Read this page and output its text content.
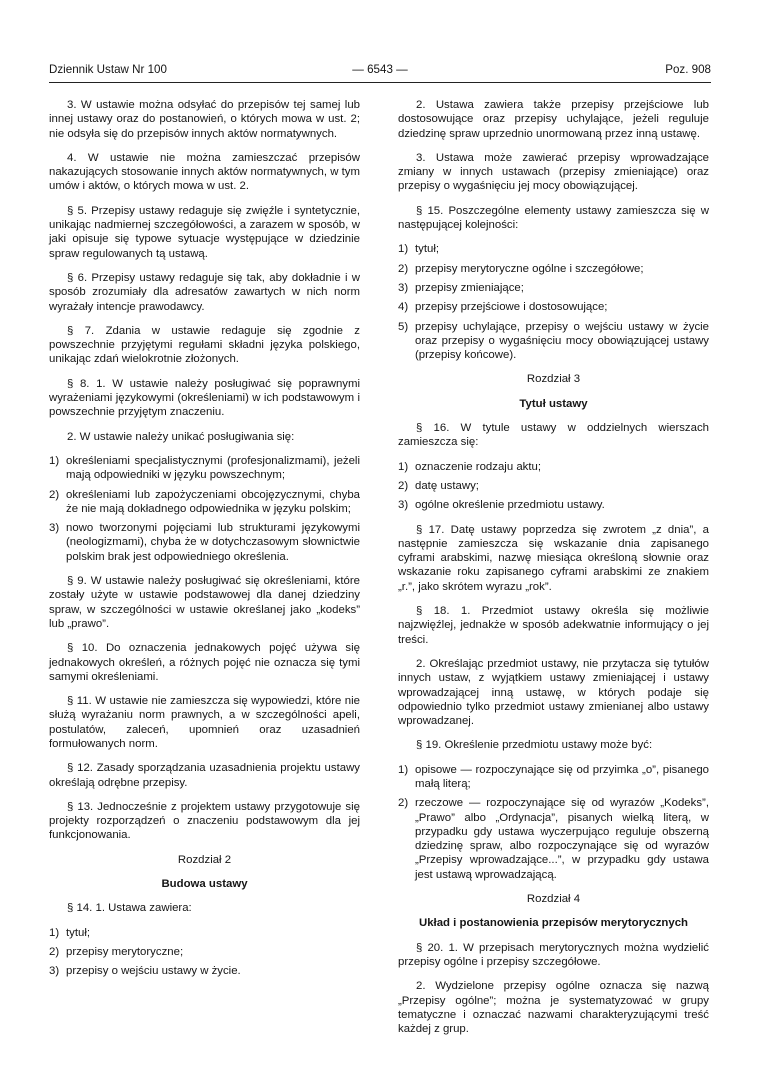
Dziennik Ustaw Nr 100	— 6543 —	Poz. 908

3. W ustawie można odsyłać do przepisów tej samej lub innej ustawy oraz do postanowień, o których mowa w ust. 2; nie odsyła się do przepisów innych aktów normatywnych.

4. W ustawie nie można zamieszczać przepisów nakazujących stosowanie innych aktów normatywnych, w tym umów i aktów, o których mowa w ust. 2.

§ 5. Przepisy ustawy redaguje się zwięźle i syntetycznie, unikając nadmiernej szczegółowości, a zarazem w sposób, w jaki opisuje się typowe sytuacje występujące w dziedzinie spraw regulowanych tą ustawą.

§ 6. Przepisy ustawy redaguje się tak, aby dokładnie i w sposób zrozumiały dla adresatów zawartych w nich norm wyrażały intencje prawodawcy.

§ 7. Zdania w ustawie redaguje się zgodnie z powszechnie przyjętymi regułami składni języka polskiego, unikając zdań wielokrotnie złożonych.

§ 8. 1. W ustawie należy posługiwać się poprawnymi wyrażeniami językowymi (określeniami) w ich podstawowym i powszechnie przyjętym znaczeniu.

2. W ustawie należy unikać posługiwania się:

1) określeniami specjalistycznymi (profesjonalizmami), jeżeli mają odpowiedniki w języku powszechnym;
2) określeniami lub zapożyczeniami obcojęzycznymi, chyba że nie mają dokładnego odpowiednika w języku polskim;
3) nowo tworzonymi pojęciami lub strukturami językowymi (neologizmami), chyba że w dotychczasowym słownictwie polskim brak jest odpowiedniego określenia.

§ 9. W ustawie należy posługiwać się określeniami, które zostały użyte w ustawie podstawowej dla danej dziedziny spraw, w szczególności w ustawie określanej jako „kodeks” lub „prawo”.

§ 10. Do oznaczenia jednakowych pojęć używa się jednakowych określeń, a różnych pojęć nie oznacza się tymi samymi określeniami.

§ 11. W ustawie nie zamieszcza się wypowiedzi, które nie służą wyrażaniu norm prawnych, a w szczególności apeli, postulatów, zaleceń, upomnień oraz uzasadnień formułowanych norm.

§ 12. Zasady sporządzania uzasadnienia projektu ustawy określają odrębne przepisy.

§ 13. Jednocześnie z projektem ustawy przygotowuje się projekty rozporządzeń o znaczeniu podstawowym dla jej funkcjonowania.

Rozdział 2
Budowa ustawy

§ 14. 1. Ustawa zawiera:

1) tytuł;
2) przepisy merytoryczne;
3) przepisy o wejściu ustawy w życie.

2. Ustawa zawiera także przepisy przejściowe lub dostosowujące oraz przepisy uchylające, jeżeli reguluje dziedzinę spraw uprzednio unormowaną przez inną ustawę.

3. Ustawa może zawierać przepisy wprowadzające zmiany w innych ustawach (przepisy zmieniające) oraz przepisy o wygaśnięciu jej mocy obowiązującej.

§ 15. Poszczególne elementy ustawy zamieszcza się w następującej kolejności:

1) tytuł;
2) przepisy merytoryczne ogólne i szczegółowe;
3) przepisy zmieniające;
4) przepisy przejściowe i dostosowujące;
5) przepisy uchylające, przepisy o wejściu ustawy w życie oraz przepisy o wygaśnięciu mocy obowiązującej ustawy (przepisy końcowe).
Rozdział 3
Tytuł ustawy

§ 16. W tytule ustawy w oddzielnych wierszach zamieszcza się:

1) oznaczenie rodzaju aktu;
2) datę ustawy;
3) ogólne określenie przedmiotu ustawy.

§ 17. Datę ustawy poprzedza się zwrotem „z dnia”, a następnie zamieszcza się wskazanie dnia zapisanego cyframi arabskimi, nazwę miesiąca określoną słownie oraz wskazanie roku zapisanego cyframi arabskimi ze znakiem „r.”, jako skrótem wyrazu „rok”.

§ 18. 1. Przedmiot ustawy określa się możliwie najzwięźlej, jednakże w sposób adekwatnie informujący o jej treści.

2. Określając przedmiot ustawy, nie przytacza się tytułów innych ustaw, z wyjątkiem ustawy zmieniającej i ustawy wprowadzającej inną ustawę, w których podaje się odpowiednio tylko przedmiot ustawy zmienianej albo ustawy wprowadzanej.

§ 19. Określenie przedmiotu ustawy może być:

1) opisowe — rozpoczynające się od przyimka „o”, pisanego małą literą;
2) rzeczowe — rozpoczynające się od wyrazów „Kodeks”, „Prawo” albo „Ordynacja”, pisanych wielką literą, w przypadku gdy ustawa wyczerpująco reguluje obszerną dziedzinę spraw, albo rozpoczynające się od wyrazów „Przepisy wprowadzające...”, w przypadku gdy ustawa jest ustawą wprowadzającą.
Rozdział 4
Układ i postanowienia przepisów merytorycznych

§ 20. 1. W przepisach merytorycznych można wydzielić przepisy ogólne i przepisy szczegółowe.

2. Wydzielone przepisy ogólne oznacza się nazwą „Przepisy ogólne”; można je systematyzować w grupy tematyczne i oznaczać nazwami charakteryzującymi treść każdej z grup.
